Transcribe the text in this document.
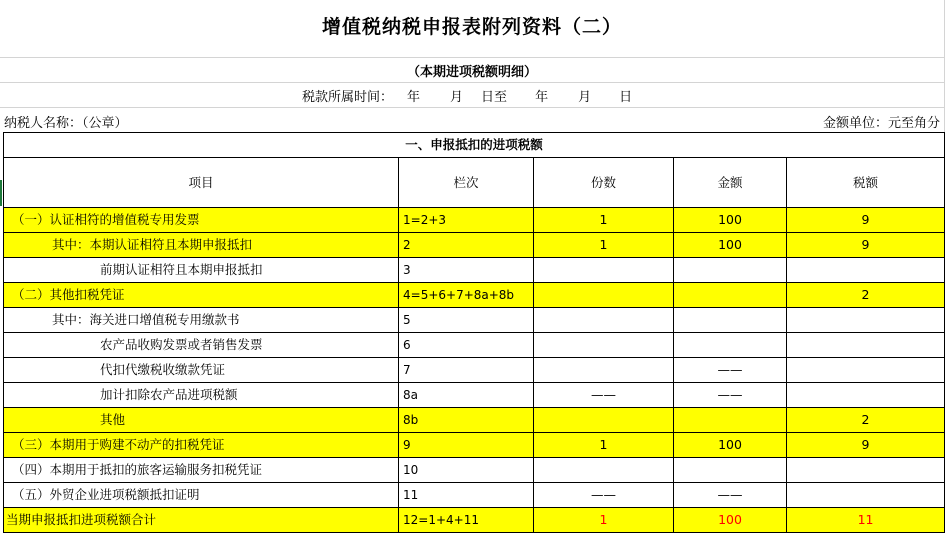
增值税纳税申报表附列资料（二）
（本期进项税额明细）
税款所属时间： 年 月 日至 年 月 日
纳税人名称：（公章）	金额单位：元至角分
一、申报抵扣的进项税额				
项目	栏次	份数	金额	税额
（一）认证相符的增值税专用发票	1=2+3	1	100	9
其中：本期认证相符且本期申报抵扣	2	1	100	9
前期认证相符且本期申报抵扣	3			
（二）其他扣税凭证	4=5+6+7+8a+8b			2
其中：海关进口增值税专用缴款书	5			
农产品收购发票或者销售发票	6			
代扣代缴税收缴款凭证	7		——	
加计扣除农产品进项税额	8a	——	——	
其他	8b			2
（三）本期用于购建不动产的扣税凭证	9	1	100	9
（四）本期用于抵扣的旅客运输服务扣税凭证	10			
（五）外贸企业进项税额抵扣证明	11	——	——	
当期申报抵扣进项税额合计	12=1+4+11	1	100	11
